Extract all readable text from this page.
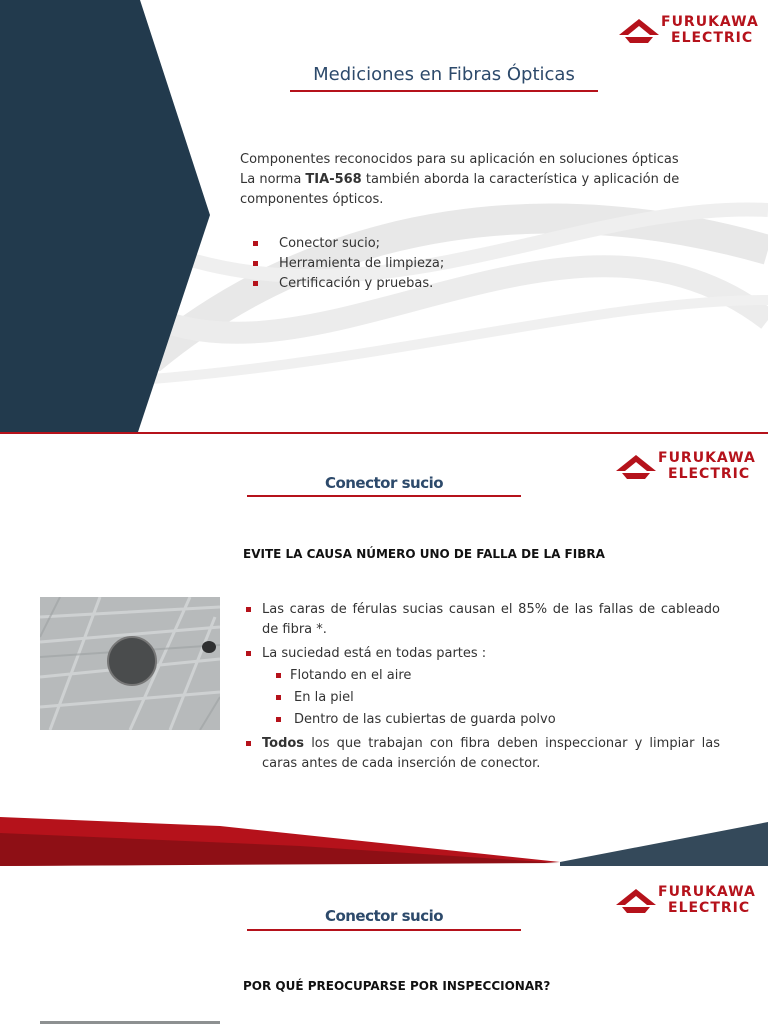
FURUKAWA
ELECTRIC
Mediciones en Fibras Ópticas
Componentes reconocidos para su aplicación en soluciones ópticas
La norma TIA-568 también aborda la característica y aplicación de
componentes ópticos.
Conector sucio;
Herramienta de limpieza;
Certificación y pruebas.
FURUKAWA
ELECTRIC
Conector sucio
EVITE LA CAUSA NÚMERO UNO DE FALLA DE LA FIBRA
Las caras de férulas sucias causan el 85% de las fallas de cableado de fibra *.
La suciedad está en todas partes :
Flotando en el aire
En la piel
Dentro de las cubiertas de guarda polvo
Todos los que trabajan con fibra deben inspeccionar y limpiar las caras antes de cada inserción de conector.
FURUKAWA
ELECTRIC
Conector sucio
POR QUÉ PREOCUPARSE POR INSPECCIONAR?
